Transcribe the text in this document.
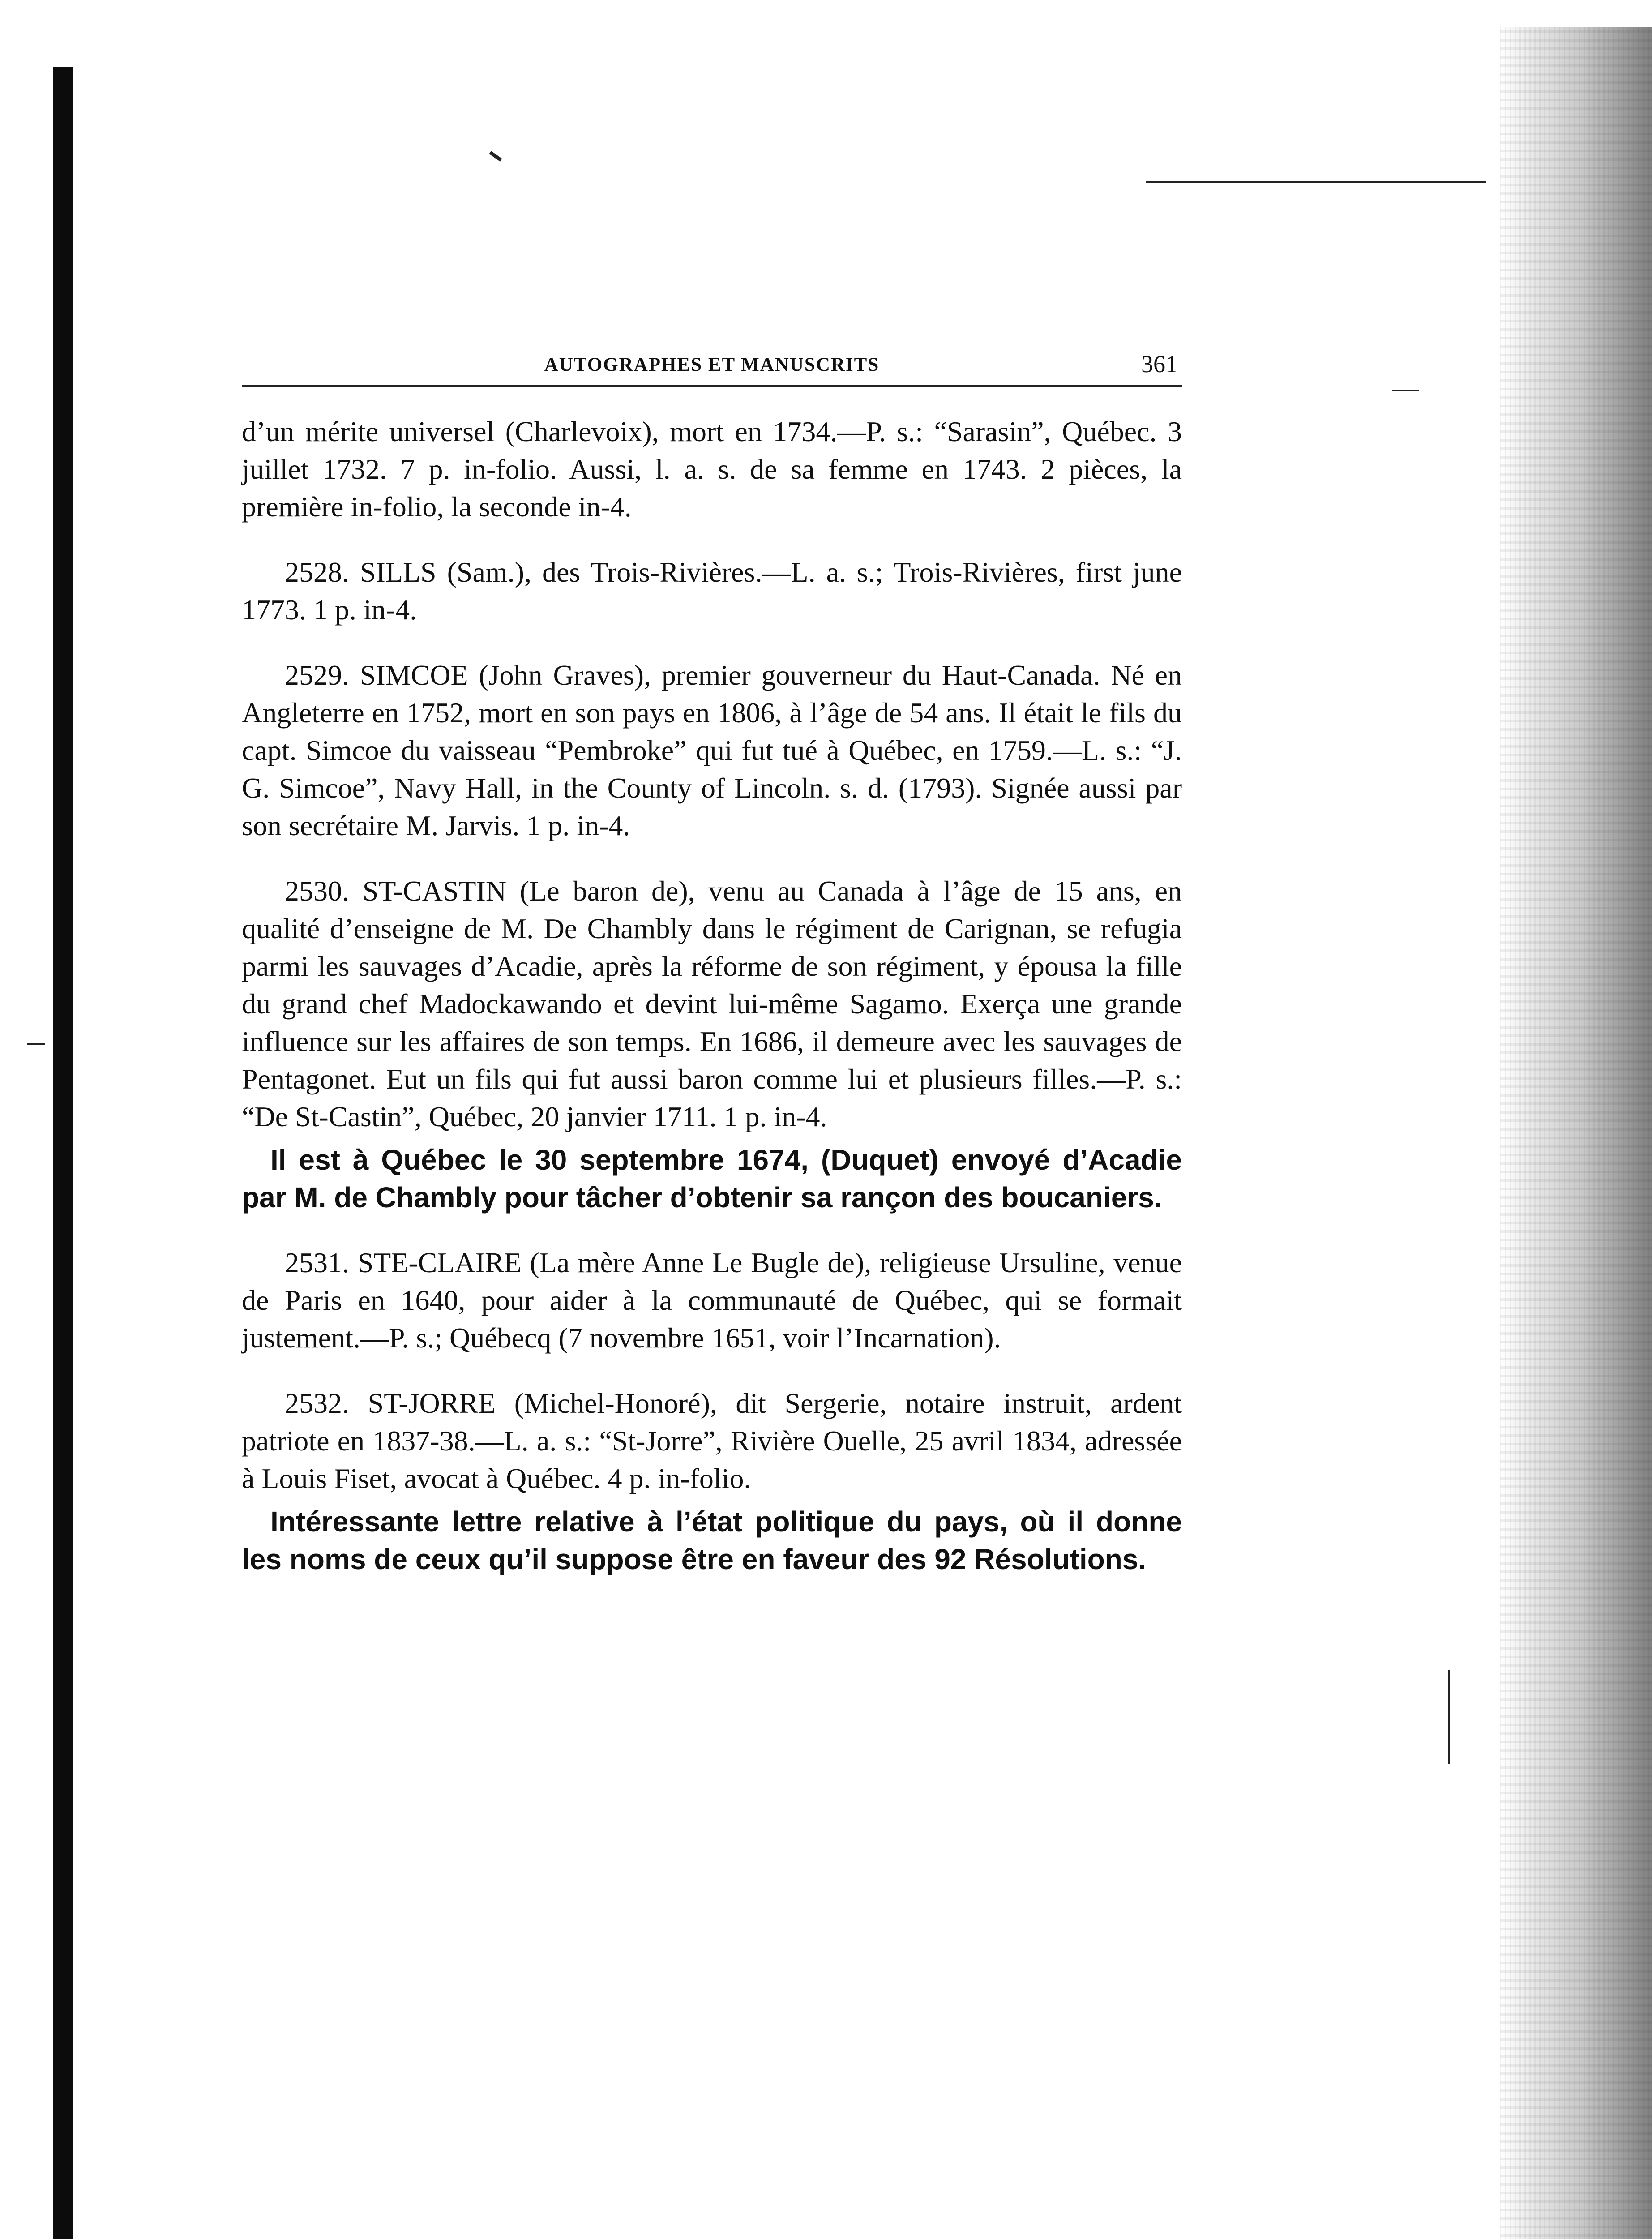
AUTOGRAPHES ET MANUSCRITS	361

d’un mérite universel (Charlevoix), mort en 1734.—P. s.: “Sarasin”, Québec. 3 juillet 1732. 7 p. in-folio. Aussi, l. a. s. de sa femme en 1743. 2 pièces, la première in-folio, la seconde in-4.

2528. SILLS (Sam.), des Trois-Rivières.—L. a. s.; Trois-Rivières, first june 1773. 1 p. in-4.

2529. SIMCOE (John Graves), premier gouverneur du Haut-Canada. Né en Angleterre en 1752, mort en son pays en 1806, à l’âge de 54 ans. Il était le fils du capt. Simcoe du vaisseau “Pembroke” qui fut tué à Québec, en 1759.—L. s.: “J. G. Simcoe”, Navy Hall, in the County of Lincoln. s. d. (1793). Signée aussi par son secrétaire M. Jarvis. 1 p. in-4.

2530. ST-CASTIN (Le baron de), venu au Canada à l’âge de 15 ans, en qualité d’enseigne de M. De Chambly dans le régiment de Carignan, se refugia parmi les sauvages d’Acadie, après la réforme de son régiment, y épousa la fille du grand chef Madockawando et devint lui-même Sagamo. Exerça une grande influence sur les affaires de son temps. En 1686, il demeure avec les sauvages de Pentagonet. Eut un fils qui fut aussi baron comme lui et plusieurs filles.—P. s.: “De St-Castin”, Québec, 20 janvier 1711. 1 p. in-4.

Il est à Québec le 30 septembre 1674, (Duquet) envoyé d’Acadie par M. de Chambly pour tâcher d’obtenir sa rançon des boucaniers.

2531. STE-CLAIRE (La mère Anne Le Bugle de), religieuse Ursuline, venue de Paris en 1640, pour aider à la communauté de Québec, qui se formait justement.—P. s.; Québecq (7 novembre 1651, voir l’Incarnation).

2532. ST-JORRE (Michel-Honoré), dit Sergerie, notaire instruit, ardent patriote en 1837-38.—L. a. s.: “St-Jorre”, Rivière Ouelle, 25 avril 1834, adressée à Louis Fiset, avocat à Québec. 4 p. in-folio.

Intéressante lettre relative à l’état politique du pays, où il donne les noms de ceux qu’il suppose être en faveur des 92 Résolutions.
